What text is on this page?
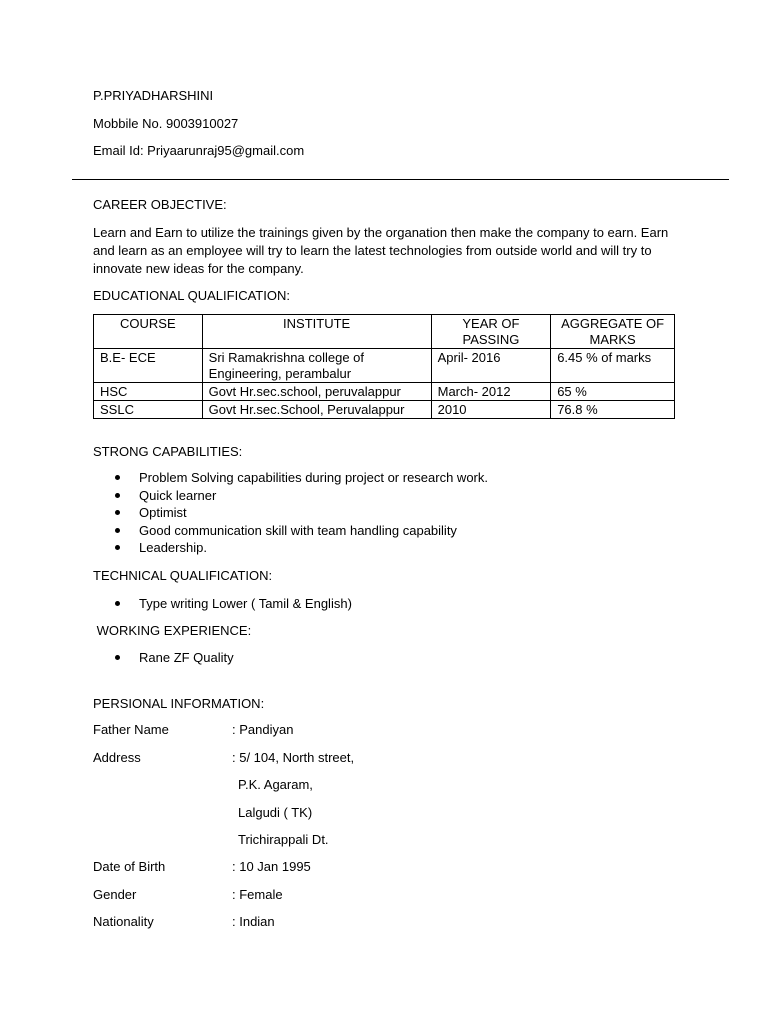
P.PRIYADHARSHINI
Mobbile No. 9003910027
Email Id: Priyaarunraj95@gmail.com
CAREER OBJECTIVE:

Learn and Earn to utilize the trainings given by the organation then make the company to earn. Earn and learn as an employee will try to learn the latest technologies from outside world and will try to innovate new ideas for the company.

EDUCATIONAL QUALIFICATION:
COURSE	INSTITUTE	YEAR OF PASSING	AGGREGATE OF MARKS
B.E- ECE	Sri Ramakrishna college of Engineering, perambalur	April- 2016	6.45 % of marks
HSC	Govt Hr.sec.school, peruvalappur	March- 2012	65 %
SSLC	Govt Hr.sec.School, Peruvalappur	2010	76.8 %
STRONG CAPABILITIES:
Problem Solving capabilities during project or research work.
Quick learner
Optimist
Good communication skill with team handling capability
Leadership.
TECHNICAL QUALIFICATION:
Type writing Lower ( Tamil & English)
WORKING EXPERIENCE:
Rane ZF Quality
PERSIONAL INFORMATION:
Father Name	: Pandiyan
Address	: 5/ 104, North street,
P.K. Agaram,
Lalgudi ( TK)
Trichirappali Dt.
Date of Birth	: 10 Jan 1995
Gender	: Female
Nationality	: Indian
